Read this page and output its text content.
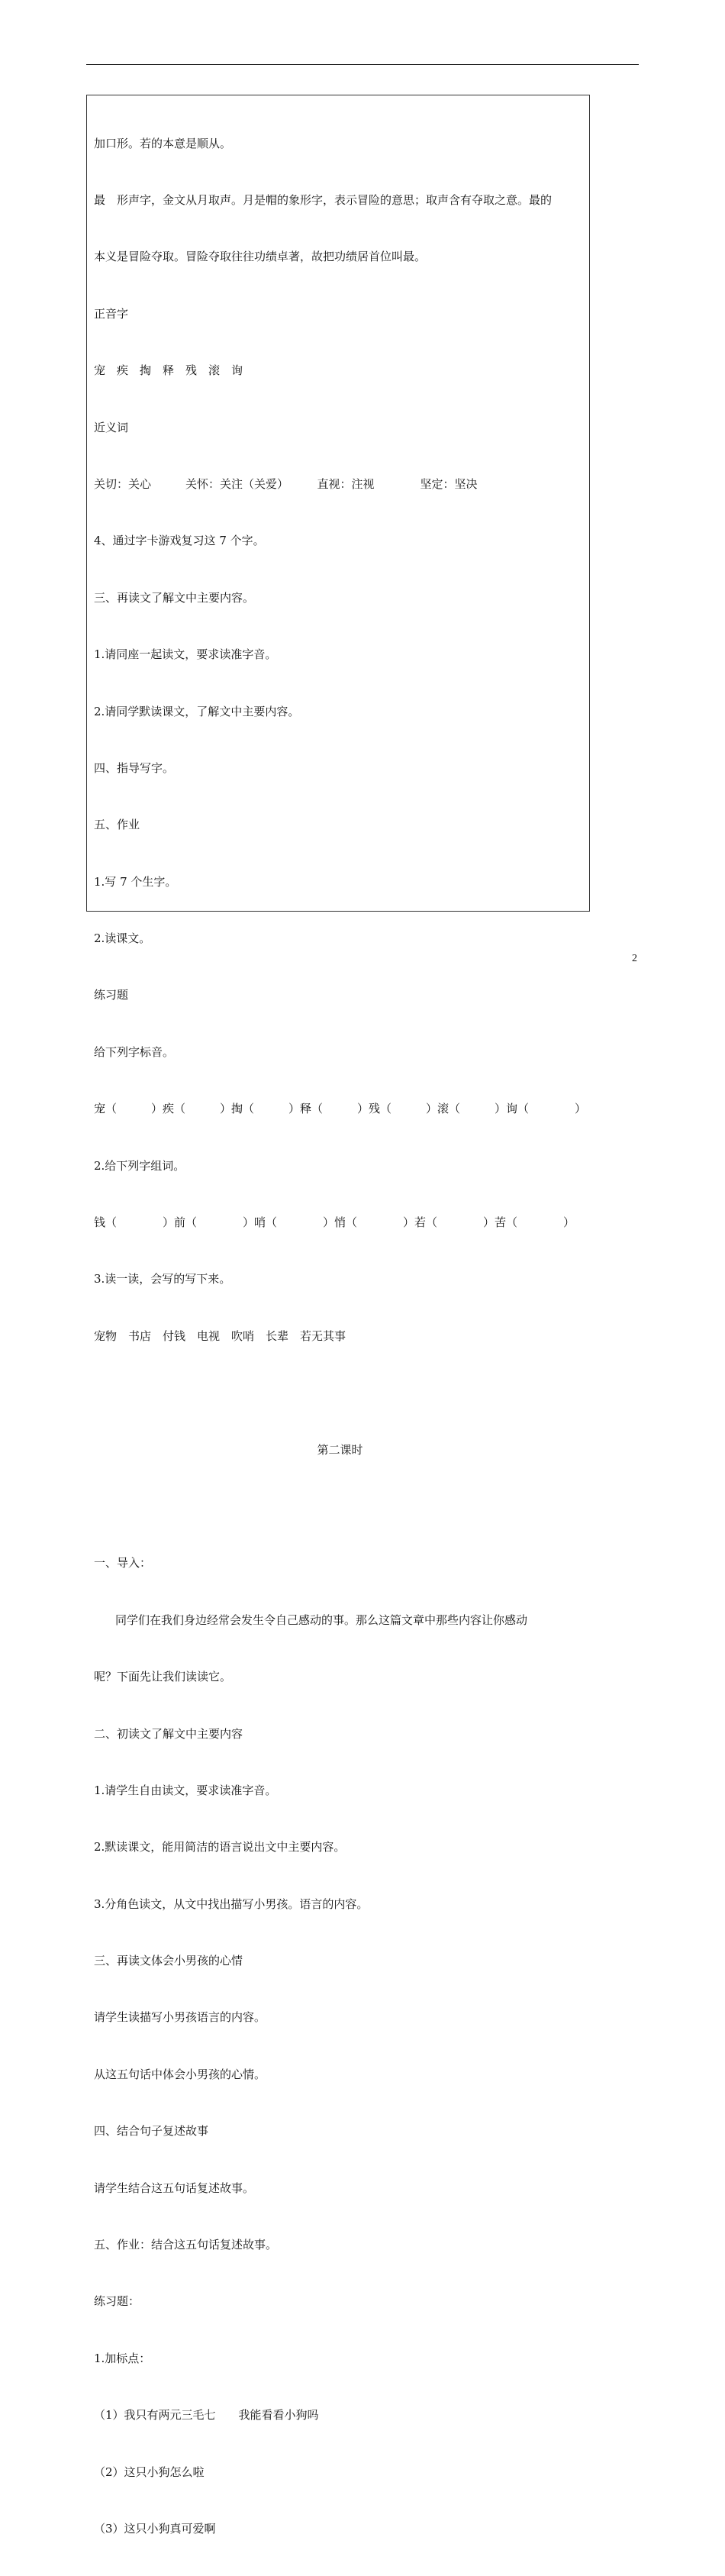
加口形。若的本意是顺从。

最　形声字，金文从月取声。月是帽的象形字，表示冒险的意思；取声含有夺取之意。最的

本义是冒险夺取。冒险夺取往往功绩卓著，故把功绩居首位叫最。

正音字

宠　疾　掏　释　残　滚　询

近义词

关切：关心　　　关怀：关注（关爱）　　　直视：注视　　　　坚定：坚决

4、通过字卡游戏复习这 7 个字。

三、再读文了解文中主要内容。

1.请同座一起读文，要求读准字音。

2.请同学默读课文，了解文中主要内容。

四、指导写字。

五、作业

1.写 7 个生字。

2.读课文。

练习题

给下列字标音。

宠（　　　）疾（　　　）掏（　　　）释（　　　）残（　　　）滚（　　　）询（　　　　）

2.给下列字组词。

钱（　　　　）前（　　　　）哨（　　　　）悄（　　　　）若（　　　　）苦（　　　　）

3.读一读，会写的写下来。

宠物　书店　付钱　电视　吹哨　长辈　若无其事

第二课时

一、导入：

同学们在我们身边经常会发生令自己感动的事。那么这篇文章中那些内容让你感动

呢？下面先让我们读读它。

二、初读文了解文中主要内容

1.请学生自由读文，要求读准字音。

2.默读课文，能用简洁的语言说出文中主要内容。

3.分角色读文，从文中找出描写小男孩。语言的内容。

三、再读文体会小男孩的心情

请学生读描写小男孩语言的内容。

从这五句话中体会小男孩的心情。

四、结合句子复述故事

请学生结合这五句话复述故事。

五、作业：结合这五句话复述故事。

练习题：

1.加标点：

（1）我只有两元三毛七　　我能看看小狗吗

（2）这只小狗怎么啦

（3）这只小狗真可爱啊

2
